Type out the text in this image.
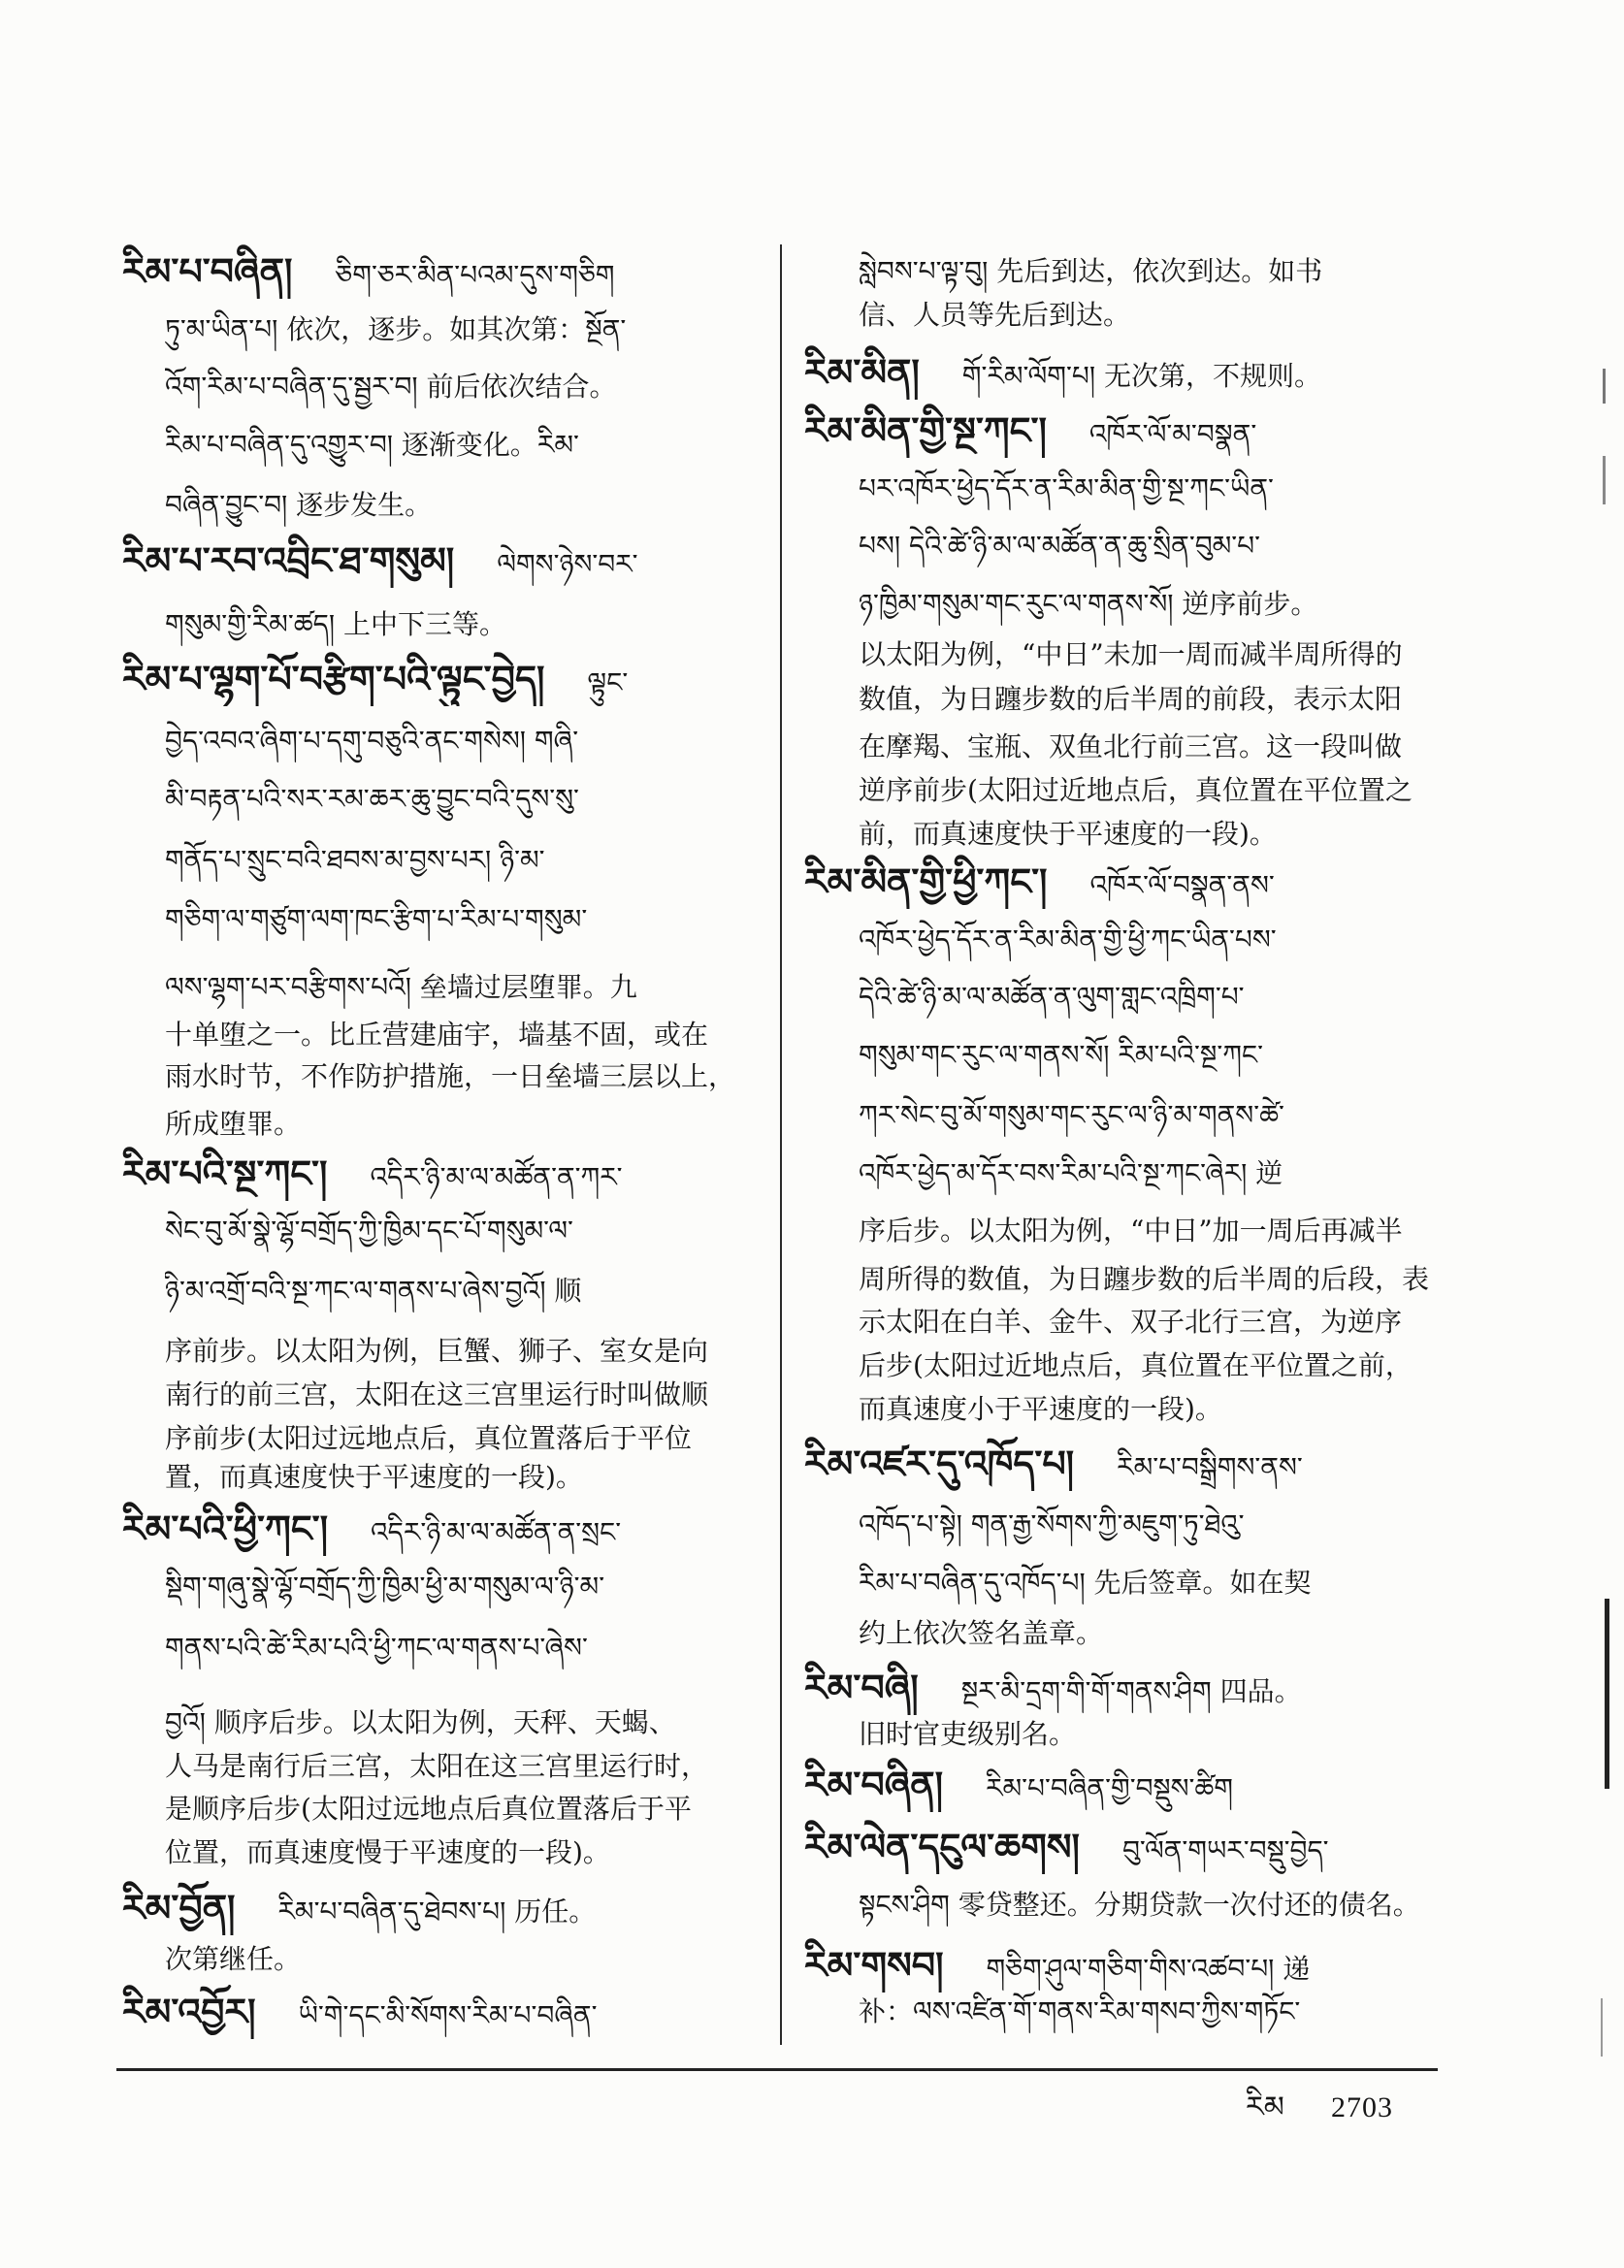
རིམ་པ་བཞིན། ཅིག་ཅར་མིན་པའམ་དུས་གཅིག
ཏུ་མ་ཡིན་པ། 依次，逐步。如其次第：སྔོན་
འོག་རིམ་པ་བཞིན་དུ་སྦྱར་བ། 前后依次结合。
རིམ་པ་བཞིན་དུ་འགྱུར་བ། 逐渐变化。རིམ་
བཞིན་བྱུང་བ། 逐步发生。
རིམ་པ་རབ་འབྲིང་ཐ་གསུམ། ལེགས་ཉེས་བར་
གསུམ་གྱི་རིམ་ཚད། 上中下三等。
རིམ་པ་ལྷག་པོ་བརྩིག་པའི་ལྟུང་བྱེད། ལྟུང་
བྱེད་འབའ་ཞིག་པ་དགུ་བཅུའི་ནང་གསེས། གཞི་
མི་བརྟན་པའི་སར་རམ་ཆར་ཆུ་བྱུང་བའི་དུས་སུ་
གནོད་པ་སྲུང་བའི་ཐབས་མ་བྱས་པར། ཉི་མ་
གཅིག་ལ་གཙུག་ལག་ཁང་རྩིག་པ་རིམ་པ་གསུམ་
ལས་ལྷག་པར་བརྩིགས་པའོ། 垒墙过层堕罪。九
十单堕之一。比丘营建庙宇，墙基不固，或在
雨水时节，不作防护措施，一日垒墙三层以上，
所成堕罪。
རིམ་པའི་སྔ་ཀང་། འདིར་ཉི་མ་ལ་མཚོན་ན་ཀར་
སེང་བུ་མོ་སྣེ་ལྷོ་བགྲོད་ཀྱི་ཁྱིམ་དང་པོ་གསུམ་ལ་
ཉི་མ་འགྲོ་བའི་སྔ་ཀང་ལ་གནས་པ་ཞེས་བྱའོ། 顺
序前步。以太阳为例，巨蟹、狮子、室女是向
南行的前三宫，太阳在这三宫里运行时叫做顺
序前步(太阳过远地点后，真位置落后于平位
置，而真速度快于平速度的一段)。
རིམ་པའི་ཕྱི་ཀང་། འདིར་ཉི་མ་ལ་མཚོན་ན་སྲང་
སྡིག་གཞུ་སྣེ་ལྷོ་བགྲོད་ཀྱི་ཁྱིམ་ཕྱི་མ་གསུམ་ལ་ཉི་མ་
གནས་པའི་ཚེ་རིམ་པའི་ཕྱི་ཀང་ལ་གནས་པ་ཞེས་
བྱའོ། 顺序后步。以太阳为例，天秤、天蝎、
人马是南行后三宫，太阳在这三宫里运行时，
是顺序后步(太阳过远地点后真位置落后于平
位置，而真速度慢于平速度的一段)。
རིམ་བྱོན། རིམ་པ་བཞིན་དུ་ཐེབས་པ། 历任。
次第继任。
རིམ་འབྱོར། ཡི་གེ་དང་མི་སོགས་རིམ་པ་བཞིན་
སླེབས་པ་ལྟ་བུ། 先后到达，依次到达。如书
信、人员等先后到达。
རིམ་མིན། གོ་རིམ་ལོག་པ། 无次第，不规则。
རིམ་མིན་གྱི་སྔ་ཀང་། འཁོར་ལོ་མ་བསྣན་
པར་འཁོར་ཕྱེད་དོར་ན་རིམ་མིན་གྱི་སྔ་ཀང་ཡིན་
པས། དེའི་ཚེ་ཉི་མ་ལ་མཚོན་ན་ཆུ་སྲིན་བུམ་པ་
ཉ་ཁྱིམ་གསུམ་གང་རུང་ལ་གནས་སོ། 逆序前步。
以太阳为例，“中日”未加一周而减半周所得的
数值，为日躔步数的后半周的前段，表示太阳
在摩羯、宝瓶、双鱼北行前三宫。这一段叫做
逆序前步(太阳过近地点后，真位置在平位置之
前，而真速度快于平速度的一段)。
རིམ་མིན་གྱི་ཕྱི་ཀང་། འཁོར་ལོ་བསྣན་ནས་
འཁོར་ཕྱེད་དོར་ན་རིམ་མིན་གྱི་ཕྱི་ཀང་ཡིན་པས་
དེའི་ཚེ་ཉི་མ་ལ་མཚོན་ན་ལུག་གླང་འཁྲིག་པ་
གསུམ་གང་རུང་ལ་གནས་སོ། རིམ་པའི་སྔ་ཀང་
ཀར་སེང་བུ་མོ་གསུམ་གང་རུང་ལ་ཉི་མ་གནས་ཚེ་
འཁོར་ཕྱེད་མ་དོར་བས་རིམ་པའི་སྔ་ཀང་ཞེར། 逆
序后步。以太阳为例，“中日”加一周后再减半
周所得的数值，为日躔步数的后半周的后段，表
示太阳在白羊、金牛、双子北行三宫，为逆序
后步(太阳过近地点后，真位置在平位置之前，
而真速度小于平速度的一段)。
རིམ་འཛར་དུ་འཁོད་པ། རིམ་པ་བསྒྲིགས་ནས་
འཁོད་པ་སྟེ། གན་རྒྱ་སོགས་ཀྱི་མཇུག་ཏུ་ཐེའུ་
རིམ་པ་བཞིན་དུ་འཁོད་པ། 先后签章。如在契
约上依次签名盖章。
རིམ་བཞི། སྔར་མི་དྲག་གི་གོ་གནས་ཤིག 四品。
旧时官吏级别名。
རིམ་བཞིན། རིམ་པ་བཞིན་གྱི་བསྡུས་ཚིག
རིམ་ལེན་དངུལ་ཆགས། བུ་ལོན་གཡར་བསྡུ་བྱེད་
སྟངས་ཤིག 零贷整还。分期贷款一次付还的债名。
རིམ་གསབ། གཅིག་ཤུལ་གཅིག་གིས་འཚབ་པ། 递
补：ལས་འཛིན་གོ་གནས་རིམ་གསབ་ཀྱིས་གཏོང་
རིམ 2703
